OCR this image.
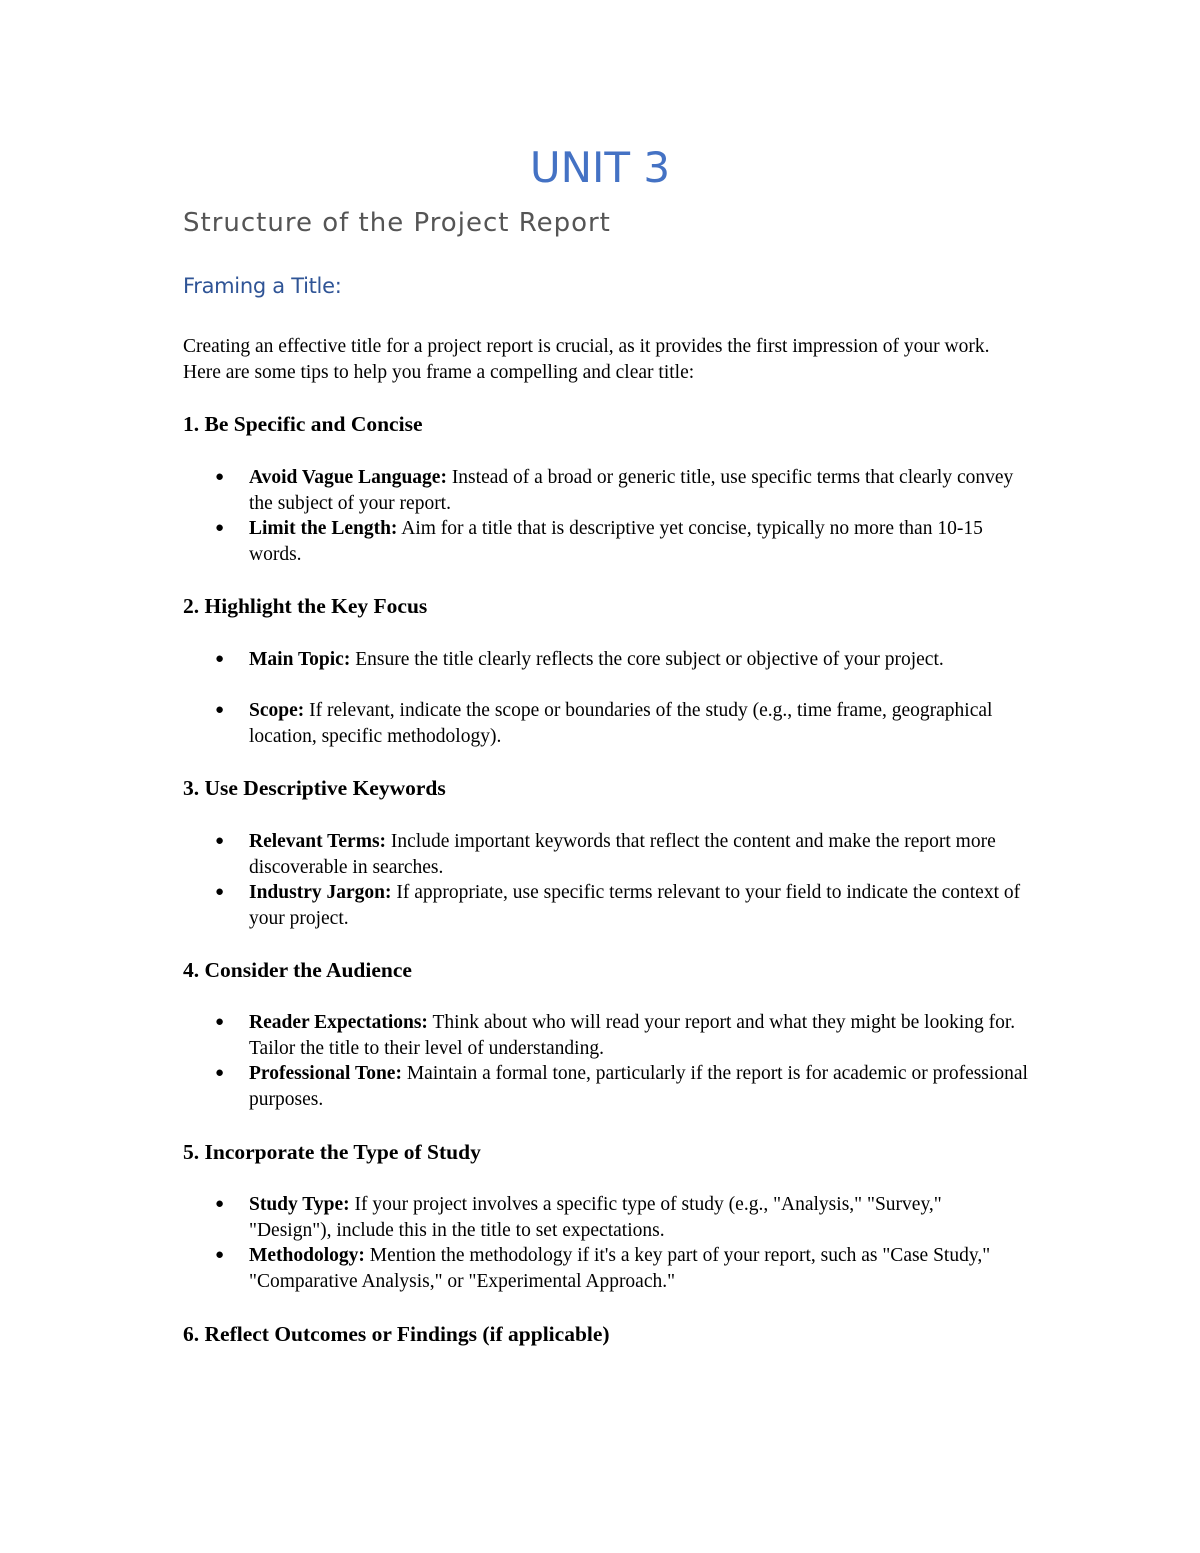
UNIT 3
Structure of the Project Report
Framing a Title:

Creating an effective title for a project report is crucial, as it provides the first impression of your work. Here are some tips to help you frame a compelling and clear title:

1. Be Specific and Concise
● Avoid Vague Language: Instead of a broad or generic title, use specific terms that clearly convey the subject of your report.
● Limit the Length: Aim for a title that is descriptive yet concise, typically no more than 10-15 words.
2. Highlight the Key Focus
● Main Topic: Ensure the title clearly reflects the core subject or objective of your project.
● Scope: If relevant, indicate the scope or boundaries of the study (e.g., time frame, geographical location, specific methodology).
3. Use Descriptive Keywords
● Relevant Terms: Include important keywords that reflect the content and make the report more discoverable in searches.
● Industry Jargon: If appropriate, use specific terms relevant to your field to indicate the context of your project.
4. Consider the Audience
● Reader Expectations: Think about who will read your report and what they might be looking for. Tailor the title to their level of understanding.
● Professional Tone: Maintain a formal tone, particularly if the report is for academic or professional purposes.
5. Incorporate the Type of Study
● Study Type: If your project involves a specific type of study (e.g., "Analysis," "Survey," "Design"), include this in the title to set expectations.
● Methodology: Mention the methodology if it's a key part of your report, such as "Case Study," "Comparative Analysis," or "Experimental Approach."
6. Reflect Outcomes or Findings (if applicable)
